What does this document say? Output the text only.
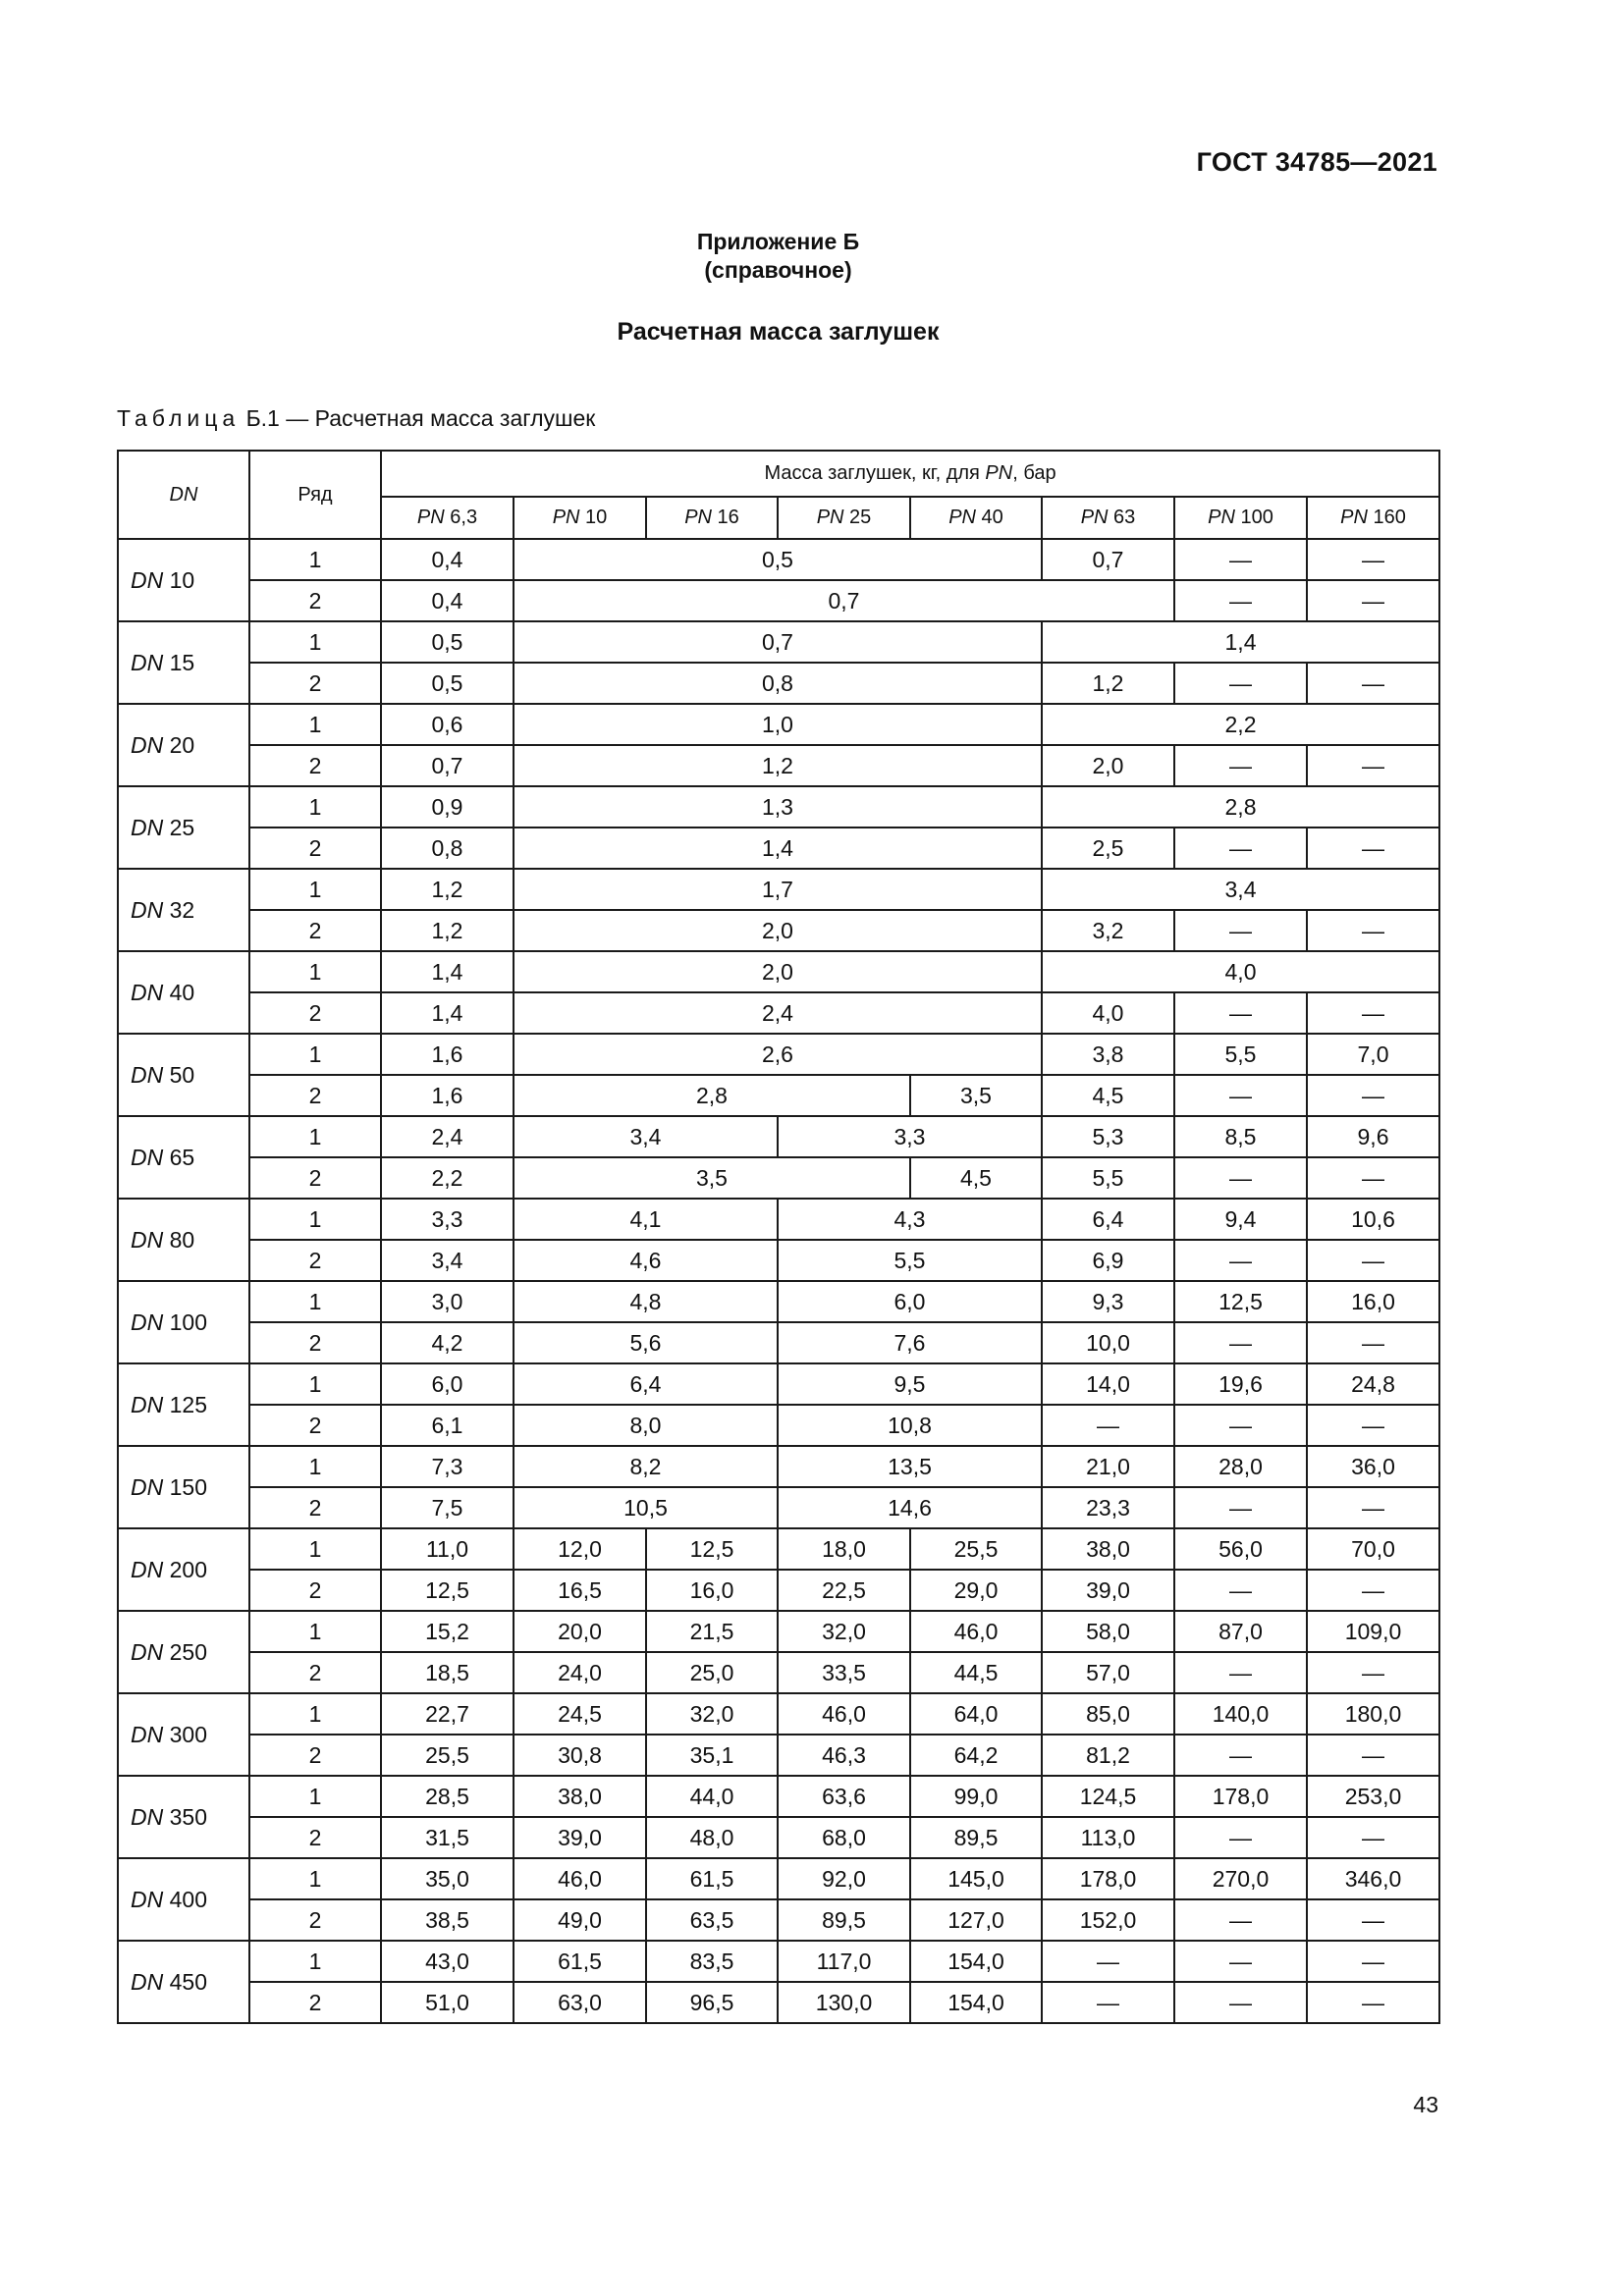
ГОСТ 34785—2021
Приложение Б
(справочное)
Расчетная масса заглушек
Таблица Б.1 — Расчетная масса заглушек
DN	Ряд	Масса заглушек, кг, для PN, бар							
		PN 6,3	PN 10	PN 16	PN 25	PN 40	PN 63	PN 100	PN 160
DN 10	1	0,4	0,5				0,7	—	—
	2	0,4	0,7					—	—
DN 15	1	0,5	0,7				1,4		
	2	0,5	0,8				1,2	—	—
DN 20	1	0,6	1,0				2,2		
	2	0,7	1,2				2,0	—	—
DN 25	1	0,9	1,3				2,8		
	2	0,8	1,4				2,5	—	—
DN 32	1	1,2	1,7				3,4		
	2	1,2	2,0				3,2	—	—
DN 40	1	1,4	2,0				4,0		
	2	1,4	2,4				4,0	—	—
DN 50	1	1,6	2,6				3,8	5,5	7,0
	2	1,6	2,8			3,5	4,5	—	—
DN 65	1	2,4	3,4		3,3		5,3	8,5	9,6
	2	2,2	3,5			4,5	5,5	—	—
DN 80	1	3,3	4,1		4,3		6,4	9,4	10,6
	2	3,4	4,6		5,5		6,9	—	—
DN 100	1	3,0	4,8		6,0		9,3	12,5	16,0
	2	4,2	5,6		7,6		10,0	—	—
DN 125	1	6,0	6,4		9,5		14,0	19,6	24,8
	2	6,1	8,0		10,8		—	—	—
DN 150	1	7,3	8,2		13,5		21,0	28,0	36,0
	2	7,5	10,5		14,6		23,3	—	—
DN 200	1	11,0	12,0	12,5	18,0	25,5	38,0	56,0	70,0
	2	12,5	16,5	16,0	22,5	29,0	39,0	—	—
DN 250	1	15,2	20,0	21,5	32,0	46,0	58,0	87,0	109,0
	2	18,5	24,0	25,0	33,5	44,5	57,0	—	—
DN 300	1	22,7	24,5	32,0	46,0	64,0	85,0	140,0	180,0
	2	25,5	30,8	35,1	46,3	64,2	81,2	—	—
DN 350	1	28,5	38,0	44,0	63,6	99,0	124,5	178,0	253,0
	2	31,5	39,0	48,0	68,0	89,5	113,0	—	—
DN 400	1	35,0	46,0	61,5	92,0	145,0	178,0	270,0	346,0
	2	38,5	49,0	63,5	89,5	127,0	152,0	—	—
DN 450	1	43,0	61,5	83,5	117,0	154,0	—	—	—
	2	51,0	63,0	96,5	130,0	154,0	—	—	—
43
